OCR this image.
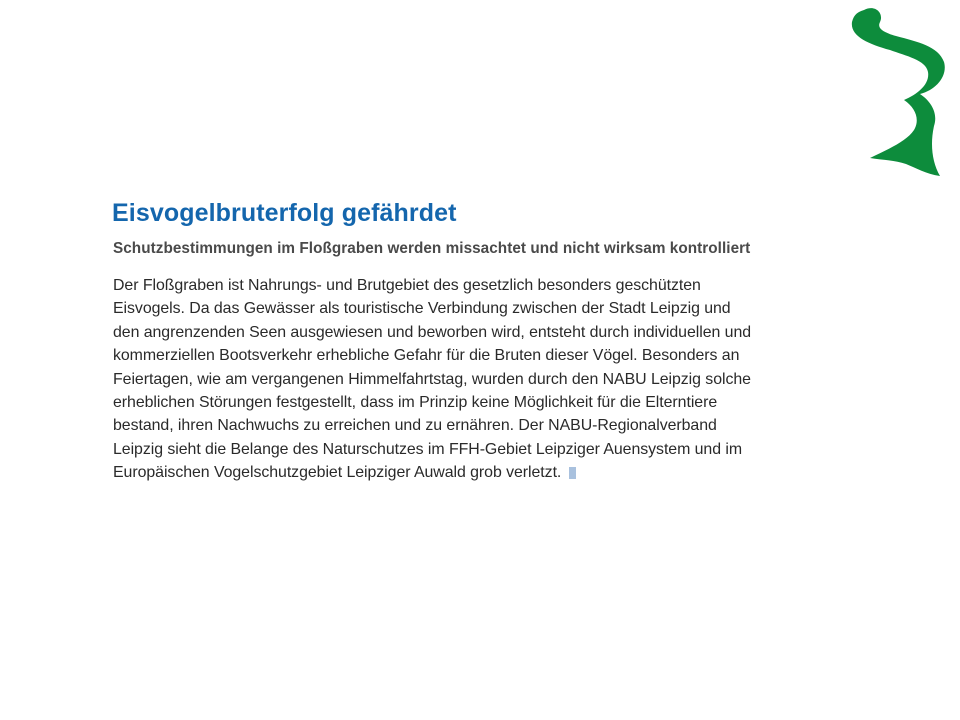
Eisvogelbruterfolg gefährdet
Schutzbestimmungen im Floßgraben werden missachtet und nicht wirksam kontrolliert
Der Floßgraben ist Nahrungs- und Brutgebiet des gesetzlich besonders geschützten
Eisvogels. Da das Gewässer als touristische Verbindung zwischen der Stadt Leipzig und
den angrenzenden Seen ausgewiesen und beworben wird, entsteht durch individuellen und
kommerziellen Bootsverkehr erhebliche Gefahr für die Bruten dieser Vögel. Besonders an
Feiertagen, wie am vergangenen Himmelfahrtstag, wurden durch den NABU Leipzig solche
erheblichen Störungen festgestellt, dass im Prinzip keine Möglichkeit für die Elterntiere
bestand, ihren Nachwuchs zu erreichen und zu ernähren. Der NABU-Regionalverband
Leipzig sieht die Belange des Naturschutzes im FFH-Gebiet Leipziger Auensystem und im
Europäischen Vogelschutzgebiet Leipziger Auwald grob verletzt.
